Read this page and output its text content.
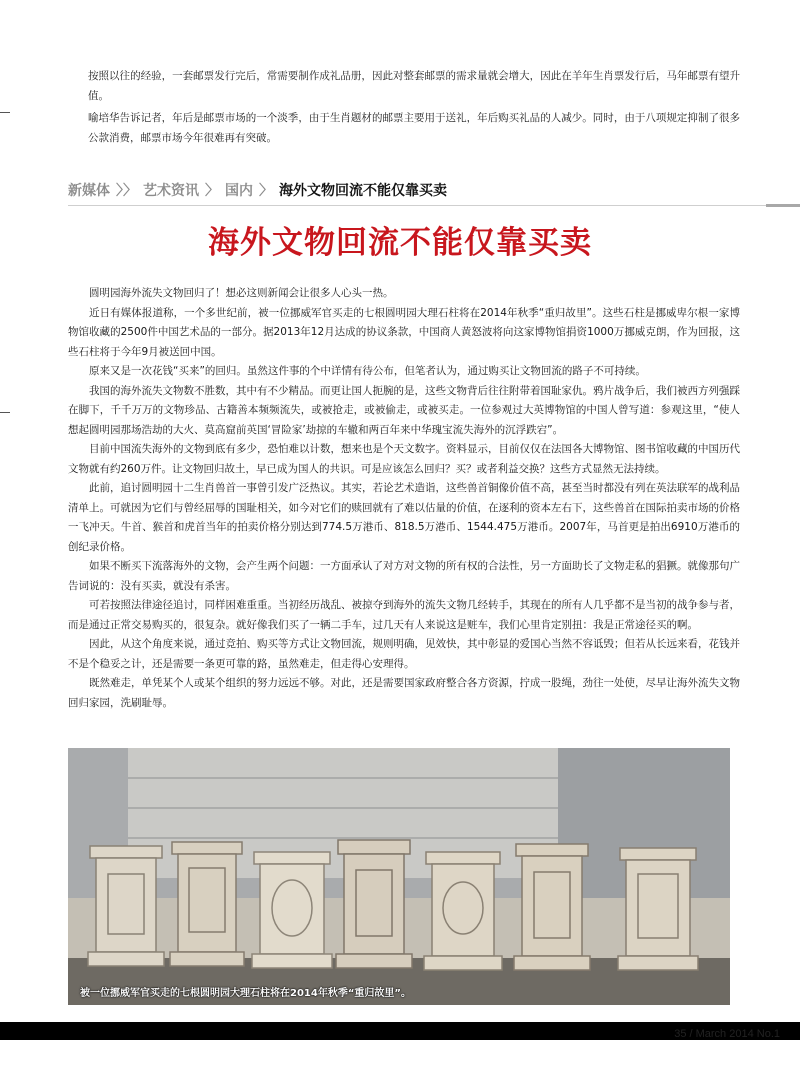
按照以往的经验，一套邮票发行完后，常需要制作成礼品册，因此对整套邮票的需求量就会增大，因此在羊年生肖票发行后，马年邮票有望升值。

喻培华告诉记者，年后是邮票市场的一个淡季，由于生肖题材的邮票主要用于送礼，年后购买礼品的人减少。同时，由于八项规定抑制了很多公款消费，邮票市场今年很难再有突破。

新媒体 〉〉 艺术资讯 〉 国内 〉 海外文物回流不能仅靠买卖
海外文物回流不能仅靠买卖

圆明园海外流失文物回归了！想必这则新闻会让很多人心头一热。

近日有媒体报道称，一个多世纪前，被一位挪威军官买走的七根圆明园大理石柱将在2014年秋季“重归故里”。这些石柱是挪威卑尔根一家博物馆收藏的2500件中国艺术品的一部分。据2013年12月达成的协议条款，中国商人黄怒波将向这家博物馆捐资1000万挪威克朗，作为回报，这些石柱将于今年9月被送回中国。

原来又是一次花钱“买来”的回归。虽然这件事的个中详情有待公布，但笔者认为，通过购买让文物回流的路子不可持续。

我国的海外流失文物数不胜数，其中有不少精品。而更让国人扼腕的是，这些文物背后往往附带着国耻家仇。鸦片战争后，我们被西方列强踩在脚下，千千万万的文物珍品、古籍善本频频流失，或被抢走，或被偷走，或被买走。一位参观过大英博物馆的中国人曾写道：参观这里，“使人想起圆明园那场浩劫的大火、莫高窟前英国‘冒险家’劫掠的车辙和两百年来中华瑰宝流失海外的沉浮跌宕”。

目前中国流失海外的文物到底有多少，恐怕难以计数，想来也是个天文数字。资料显示，目前仅仅在法国各大博物馆、图书馆收藏的中国历代文物就有约260万件。让文物回归故土，早已成为国人的共识。可是应该怎么回归？买？或者利益交换？这些方式显然无法持续。

此前，追讨圆明园十二生肖兽首一事曾引发广泛热议。其实，若论艺术造诣，这些兽首铜像价值不高，甚至当时都没有列在英法联军的战利品清单上。可就因为它们与曾经屈辱的国耻相关，如今对它们的赎回就有了难以估量的价值，在逐利的资本左右下，这些兽首在国际拍卖市场的价格一飞冲天。牛首、猴首和虎首当年的拍卖价格分别达到774.5万港币、818.5万港币、1544.475万港币。2007年，马首更是拍出6910万港币的创纪录价格。

如果不断买下流落海外的文物，会产生两个问题：一方面承认了对方对文物的所有权的合法性，另一方面助长了文物走私的猖獗。就像那句广告词说的：没有买卖，就没有杀害。

可若按照法律途径追讨，同样困难重重。当初经历战乱、被掠夺到海外的流失文物几经转手，其现在的所有人几乎都不是当初的战争参与者，而是通过正常交易购买的，很复杂。就好像我们买了一辆二手车，过几天有人来说这是赃车，我们心里肯定别扭：我是正常途径买的啊。

因此，从这个角度来说，通过竞拍、购买等方式让文物回流，规则明确，见效快，其中彰显的爱国心当然不容诋毁；但若从长远来看，花钱并不是个稳妥之计，还是需要一条更可靠的路，虽然难走，但走得心安理得。

既然难走，单凭某个人或某个组织的努力远远不够。对此，还是需要国家政府整合各方资源，拧成一股绳，劲往一处使，尽早让海外流失文物回归家园，洗刷耻辱。

被一位挪威军官买走的七根圆明园大理石柱将在2014年秋季“重归故里”。
35 / March 2014 No.1
